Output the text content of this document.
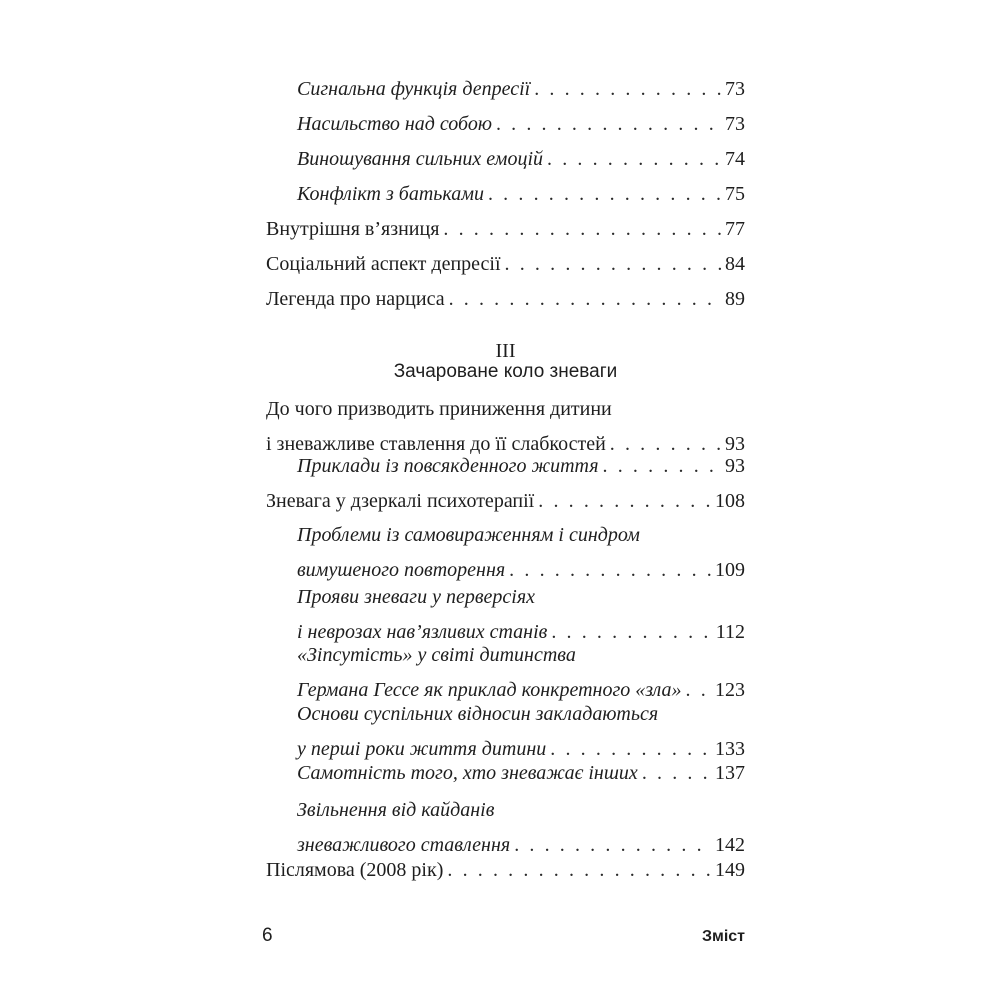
Сигнальна функція депресії . . .	73
Насильство над собою . . .	73
Виношування сильних емоцій . . .	74
Конфлікт з батьками . . .	75
Внутрішня в’язниця . . .	77
Соціальний аспект депресії . . .	84
Легенда про нарциса . . .	89
ІІІ
Зачароване коло зневаги
До чого призводить приниження дитини
і зневажливе ставлення до її слабкостей . . .	93
Приклади із повсякденного життя . . .	93
Зневага у дзеркалі психотерапії . . .	108
Проблеми із самовираженням і синдром
вимушеного повторення . . .	109
Прояви зневаги у перверсіях
і неврозах нав’язливих станів . . .	112
«Зіпсутість» у світі дитинства
Германа Гессе як приклад конкретного «зла» . . . 123
Основи суспільних відносин закладаються
у перші роки життя дитини . . .	133
Самотність того, хто зневажає інших . . .	137
Звільнення від кайданів
зневажливого ставлення . . .	142
Післямова (2008 рік) . . .	149
6	Зміст
